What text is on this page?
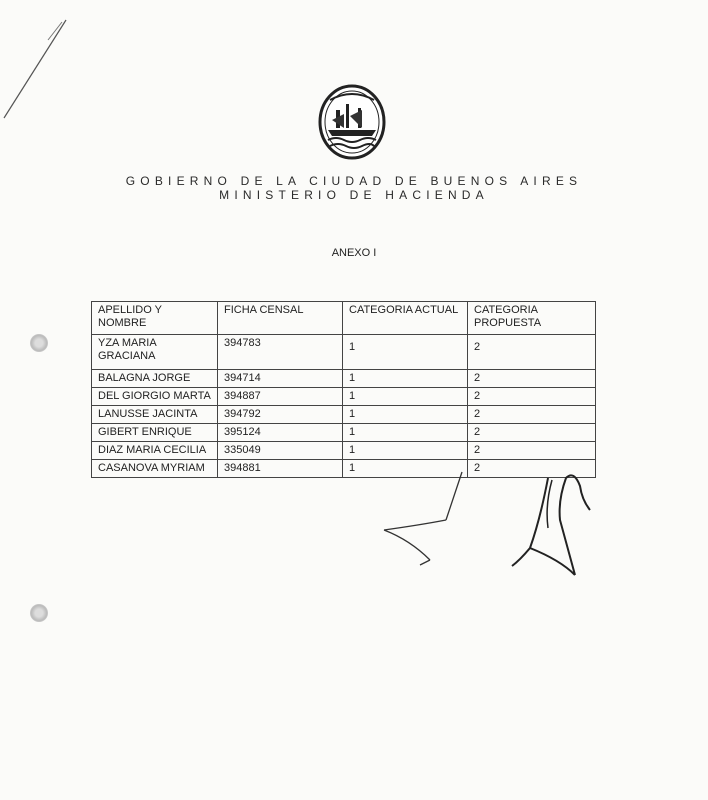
GOBIERNO DE LA CIUDAD DE BUENOS AIRES
MINISTERIO DE HACIENDA
ANEXO I
APELLIDO Y NOMBRE	FICHA CENSAL	CATEGORIA ACTUAL	CATEGORIA PROPUESTA
YZA MARIA GRACIANA	394783	1	2
BALAGNA JORGE	394714	1	2
DEL GIORGIO MARTA	394887	1	2
LANUSSE JACINTA	394792	1	2
GIBERT ENRIQUE	395124	1	2
DIAZ MARIA CECILIA	335049	1	2
CASANOVA MYRIAM	394881	1	2
